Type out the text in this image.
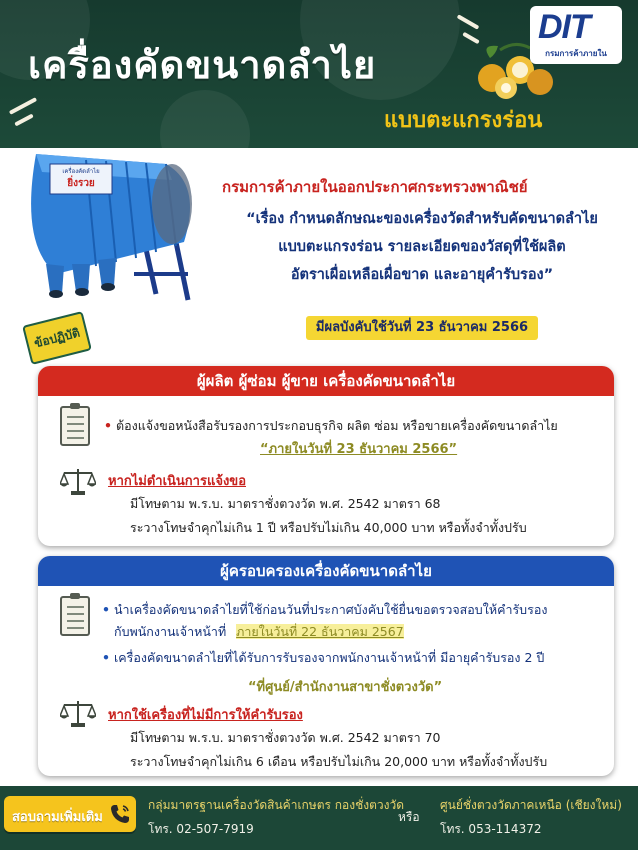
เครื่องคัดขนาดลำไย
แบบตะแกรงร่อน
DIT
กรมการค้าภายใน
เครื่องคัดลำไย
ยิ่งรวย	กรมการค้าภายในออกประกาศกระทรวงพาณิชย์
“เรื่อง กำหนดลักษณะของเครื่องวัดสำหรับคัดขนาดลำไย
แบบตะแกรงร่อน รายละเอียดของวัสดุที่ใช้ผลิต
อัตราเผื่อเหลือเผื่อขาด และอายุคำรับรอง”
มีผลบังคับใช้วันที่ 23 ธันวาคม 2566
ข้อปฏิบัติ
ผู้ผลิต ผู้ซ่อม ผู้ขาย เครื่องคัดขนาดลำไย
• ต้องแจ้งขอหนังสือรับรองการประกอบธุรกิจ ผลิต ซ่อม หรือขายเครื่องคัดขนาดลำไย
“ภายในวันที่ 23 ธันวาคม 2566”
หากไม่ดำเนินการแจ้งขอ
มีโทษตาม พ.ร.บ. มาตราชั่งตวงวัด พ.ศ. 2542 มาตรา 68
ระวางโทษจำคุกไม่เกิน 1 ปี หรือปรับไม่เกิน 40,000 บาท หรือทั้งจำทั้งปรับ
ผู้ครอบครองเครื่องคัดขนาดลำไย
• นำเครื่องคัดขนาดลำไยที่ใช้ก่อนวันที่ประกาศบังคับใช้ยื่นขอตรวจสอบให้คำรับรอง
กับพนักงานเจ้าหน้าที่ ภายในวันที่ 22 ธันวาคม 2567
• เครื่องคัดขนาดลำไยที่ได้รับการรับรองจากพนักงานเจ้าหน้าที่ มีอายุคำรับรอง 2 ปี
“ที่ศูนย์/สำนักงานสาขาชั่งตวงวัด”
หากใช้เครื่องที่ไม่มีการให้คำรับรอง
มีโทษตาม พ.ร.บ. มาตราชั่งตวงวัด พ.ศ. 2542 มาตรา 70
ระวางโทษจำคุกไม่เกิน 6 เดือน หรือปรับไม่เกิน 20,000 บาท หรือทั้งจำทั้งปรับ
สอบถามเพิ่มเติม
กลุ่มมาตรฐานเครื่องวัดสินค้าเกษตร กองชั่งตวงวัด
โทร. 02-507-7919
หรือ
ศูนย์ชั่งตวงวัดภาคเหนือ (เชียงใหม่)
โทร. 053-114372
